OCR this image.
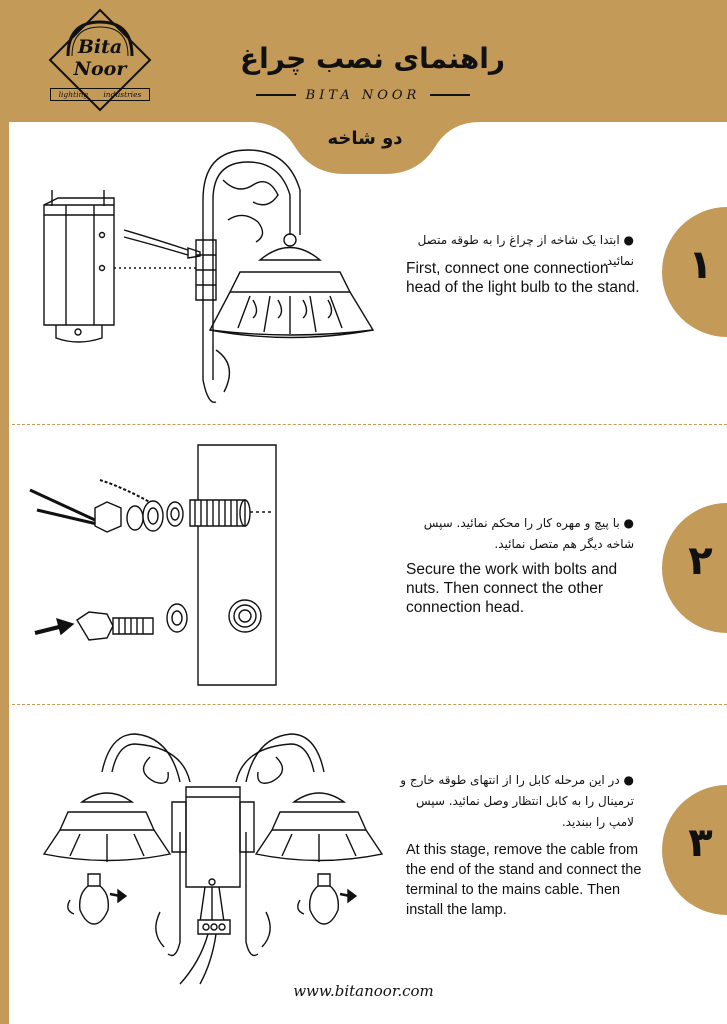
Bita
Noor
lighting industries
راهنمای نصب چراغ
BITA NOOR
دو شاخه
۱
۲
۳
● ابتدا یک شاخه از چراغ را به طوقه متصل نمائید.
First, connect one connection head of the light bulb to the stand.
● با پیچ و مهره کار را محکم نمائید. سپس شاخه دیگر هم متصل نمائید.
Secure the work with bolts and nuts. Then connect the other connection head.
● در این مرحله کابل را از انتهای طوقه خارج و ترمینال را به کابل انتظار وصل نمائید. سپس لامپ را ببندید.
At this stage, remove the cable from the end of the stand and connect the terminal to the mains cable. Then install the lamp.
www.bitanoor.com
